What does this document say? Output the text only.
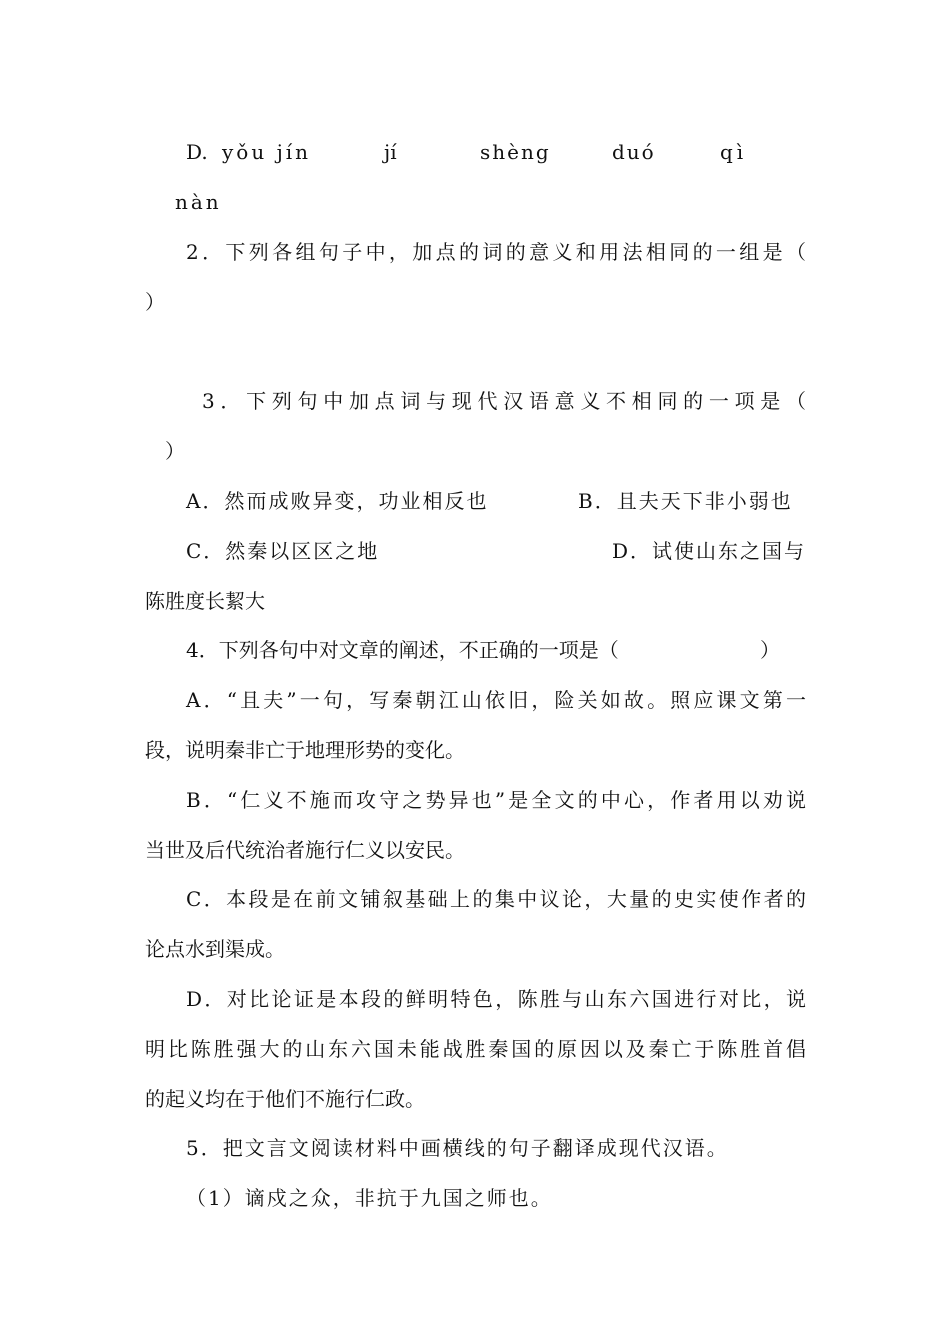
D. yǒu jín	jí	shèng	duó	qì
nàn
2．下列各组句子中，加点的词的意义和用法相同的一组是（
）
3．下列句中加点词与现代汉语意义不相同的一项是（
）
A．然而成败异变，功业相反也	B．且夫天下非小弱也
C．然秦以区区之地	D．试使山东之国与
陈胜度长絜大
4．下列各句中对文章的阐述，不正确的一项是（	）
A．“且夫”一句，写秦朝江山依旧，险关如故。照应课文第一
段，说明秦非亡于地理形势的变化。
B．“仁义不施而攻守之势异也”是全文的中心，作者用以劝说
当世及后代统治者施行仁义以安民。
C．本段是在前文铺叙基础上的集中议论，大量的史实使作者的
论点水到渠成。
D．对比论证是本段的鲜明特色，陈胜与山东六国进行对比，说
明比陈胜强大的山东六国未能战胜秦国的原因以及秦亡于陈胜首倡
的起义均在于他们不施行仁政。
5．把文言文阅读材料中画横线的句子翻译成现代汉语。
（1）谪戍之众，非抗于九国之师也。
